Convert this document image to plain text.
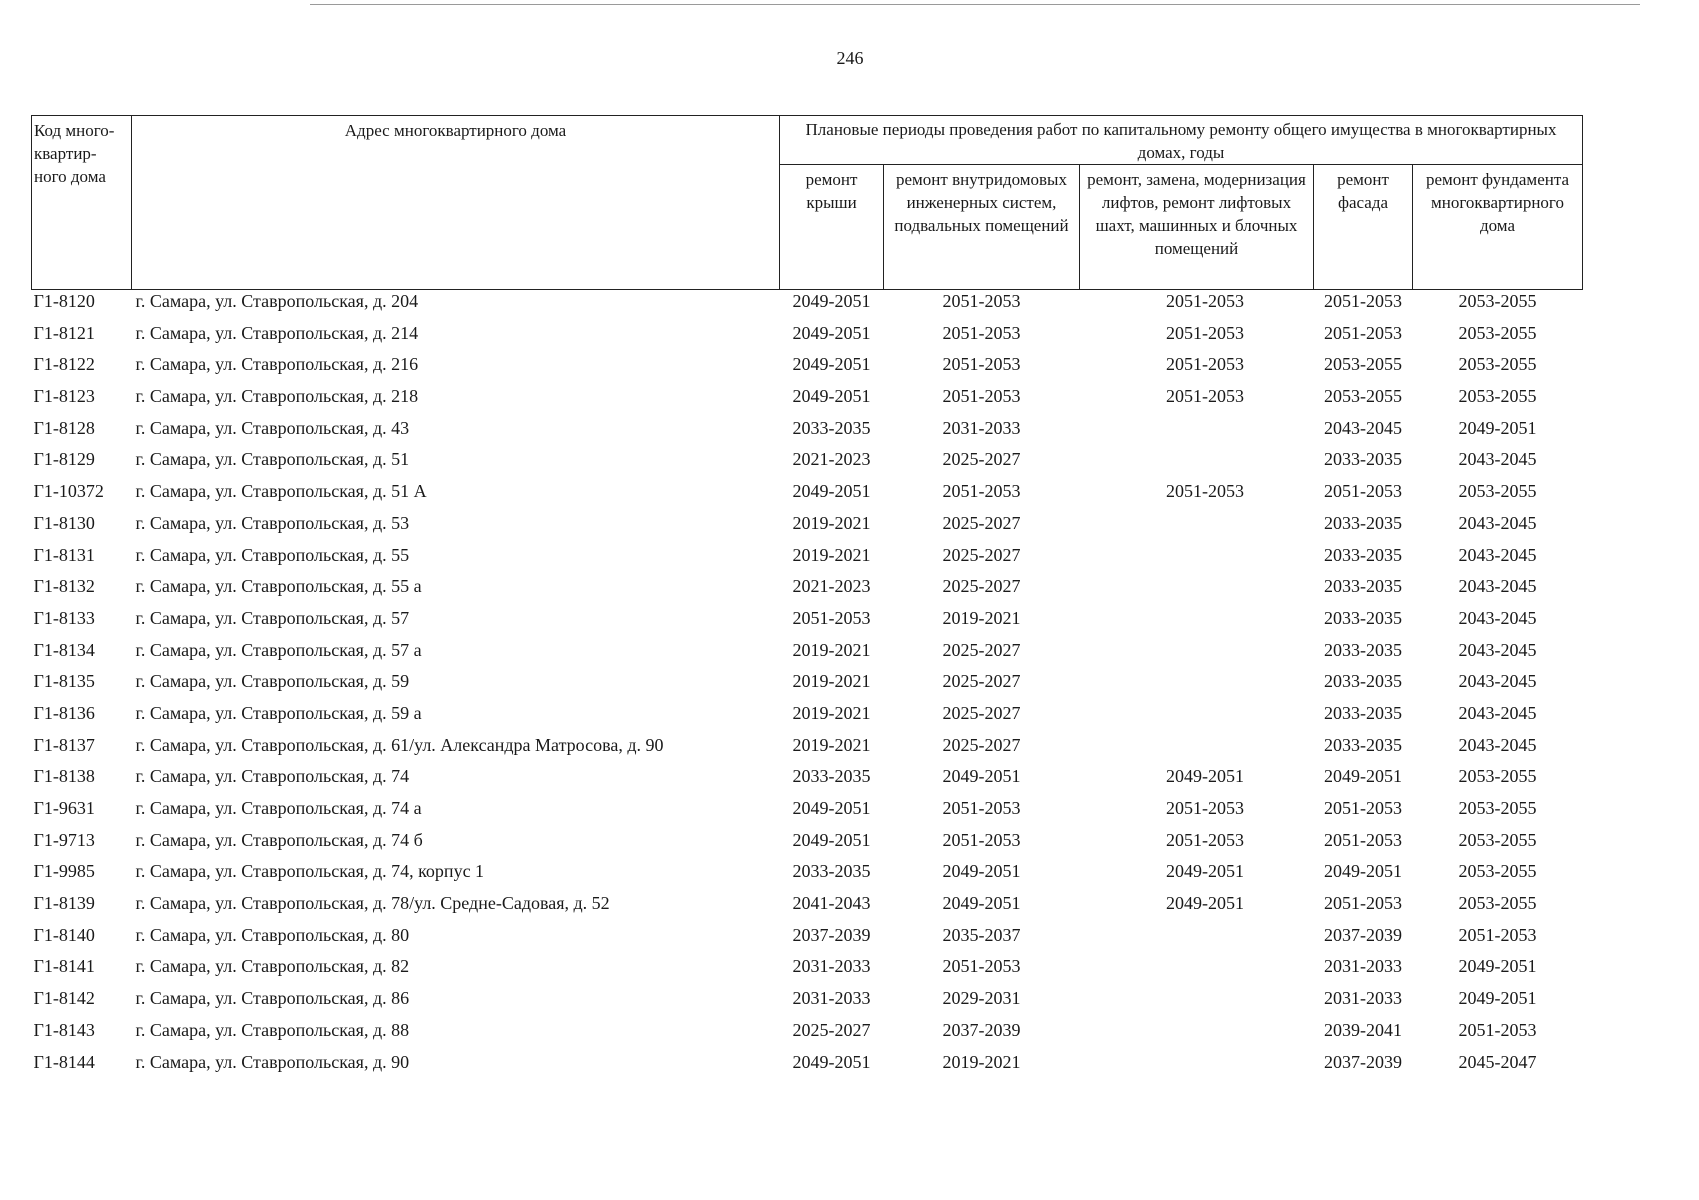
246
Код много-квартир-ного дома	Адрес многоквартирного дома	Плановые периоды проведения работ по капитальному ремонту общего имущества в многоквартирных домах, годы				
		ремонт крыши	ремонт внутридомовых инженерных систем, подвальных помещений	ремонт, замена, модернизация лифтов, ремонт лифтовых шахт, машинных и блочных помещений	ремонт фасада	ремонт фундамента многоквартирного дома
Г1-8120	г. Самара, ул. Ставропольская, д. 204	2049-2051	2051-2053	2051-2053	2051-2053	2053-2055
Г1-8121	г. Самара, ул. Ставропольская, д. 214	2049-2051	2051-2053	2051-2053	2051-2053	2053-2055
Г1-8122	г. Самара, ул. Ставропольская, д. 216	2049-2051	2051-2053	2051-2053	2053-2055	2053-2055
Г1-8123	г. Самара, ул. Ставропольская, д. 218	2049-2051	2051-2053	2051-2053	2053-2055	2053-2055
Г1-8128	г. Самара, ул. Ставропольская, д. 43	2033-2035	2031-2033		2043-2045	2049-2051
Г1-8129	г. Самара, ул. Ставропольская, д. 51	2021-2023	2025-2027		2033-2035	2043-2045
Г1-10372	г. Самара, ул. Ставропольская, д. 51 А	2049-2051	2051-2053	2051-2053	2051-2053	2053-2055
Г1-8130	г. Самара, ул. Ставропольская, д. 53	2019-2021	2025-2027		2033-2035	2043-2045
Г1-8131	г. Самара, ул. Ставропольская, д. 55	2019-2021	2025-2027		2033-2035	2043-2045
Г1-8132	г. Самара, ул. Ставропольская, д. 55 а	2021-2023	2025-2027		2033-2035	2043-2045
Г1-8133	г. Самара, ул. Ставропольская, д. 57	2051-2053	2019-2021		2033-2035	2043-2045
Г1-8134	г. Самара, ул. Ставропольская, д. 57 а	2019-2021	2025-2027		2033-2035	2043-2045
Г1-8135	г. Самара, ул. Ставропольская, д. 59	2019-2021	2025-2027		2033-2035	2043-2045
Г1-8136	г. Самара, ул. Ставропольская, д. 59 а	2019-2021	2025-2027		2033-2035	2043-2045
Г1-8137	г. Самара, ул. Ставропольская, д. 61/ул. Александра Матросова, д. 90	2019-2021	2025-2027		2033-2035	2043-2045
Г1-8138	г. Самара, ул. Ставропольская, д. 74	2033-2035	2049-2051	2049-2051	2049-2051	2053-2055
Г1-9631	г. Самара, ул. Ставропольская, д. 74 а	2049-2051	2051-2053	2051-2053	2051-2053	2053-2055
Г1-9713	г. Самара, ул. Ставропольская, д. 74 б	2049-2051	2051-2053	2051-2053	2051-2053	2053-2055
Г1-9985	г. Самара, ул. Ставропольская, д. 74, корпус 1	2033-2035	2049-2051	2049-2051	2049-2051	2053-2055
Г1-8139	г. Самара, ул. Ставропольская, д. 78/ул. Средне-Садовая, д. 52	2041-2043	2049-2051	2049-2051	2051-2053	2053-2055
Г1-8140	г. Самара, ул. Ставропольская, д. 80	2037-2039	2035-2037		2037-2039	2051-2053
Г1-8141	г. Самара, ул. Ставропольская, д. 82	2031-2033	2051-2053		2031-2033	2049-2051
Г1-8142	г. Самара, ул. Ставропольская, д. 86	2031-2033	2029-2031		2031-2033	2049-2051
Г1-8143	г. Самара, ул. Ставропольская, д. 88	2025-2027	2037-2039		2039-2041	2051-2053
Г1-8144	г. Самара, ул. Ставропольская, д. 90	2049-2051	2019-2021		2037-2039	2045-2047
